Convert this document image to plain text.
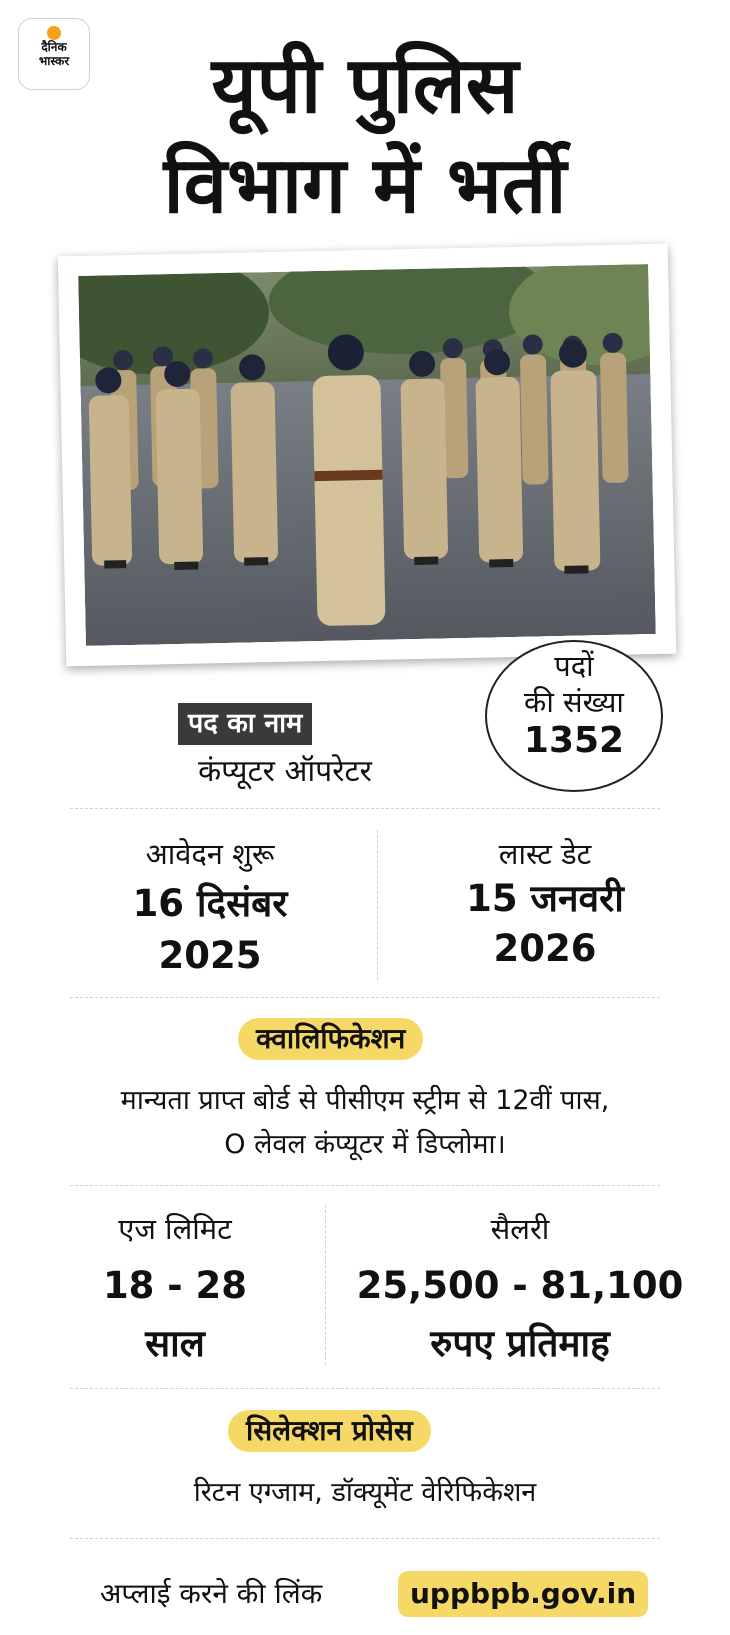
दैनिक
भास्कर	यूपी पुलिस
विभाग में भर्ती
पदों
की संख्या
1352
पद का नाम
कंप्यूटर ऑपरेटर
आवेदन शुरू
16 दिसंबर
2025
लास्ट डेट
15 जनवरी
2026
क्वालिफिकेशन
मान्यता प्राप्त बोर्ड से पीसीएम स्ट्रीम से 12वीं पास,
O लेवल कंप्यूटर में डिप्लोमा।
एज लिमिट
18 - 28
साल
सैलरी
25,500 - 81,100
रुपए प्रतिमाह
सिलेक्शन प्रोसेस
रिटन एग्जाम, डॉक्यूमेंट वेरिफिकेशन
अप्लाई करने की लिंक	uppbpb.gov.in
